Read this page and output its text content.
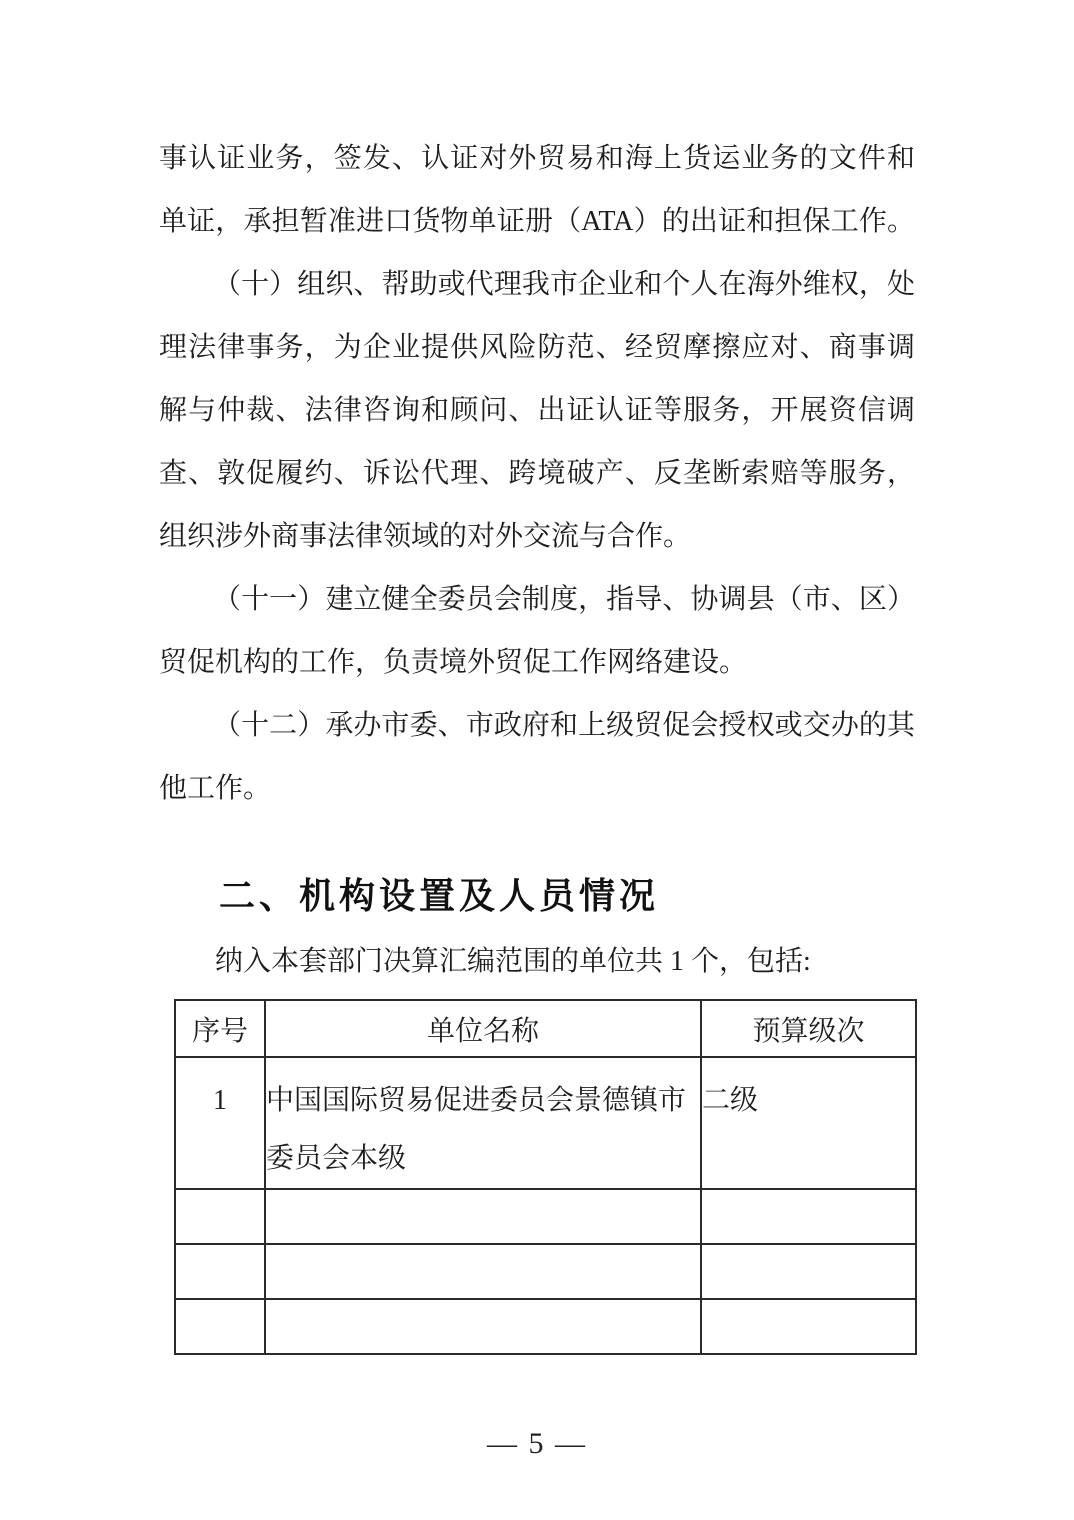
事认证业务，签发、认证对外贸易和海上货运业务的文件和
单证，承担暂准进口货物单证册（ATA）的出证和担保工作。
（十）组织、帮助或代理我市企业和个人在海外维权，处
理法律事务，为企业提供风险防范、经贸摩擦应对、商事调
解与仲裁、法律咨询和顾问、出证认证等服务，开展资信调
查、敦促履约、诉讼代理、跨境破产、反垄断索赔等服务，
组织涉外商事法律领域的对外交流与合作。
（十一）建立健全委员会制度，指导、协调县（市、区）
贸促机构的工作，负责境外贸促工作网络建设。
（十二）承办市委、市政府和上级贸促会授权或交办的其
他工作。
二、机构设置及人员情况
纳入本套部门决算汇编范围的单位共 1 个，包括:
序号	单位名称	预算级次
1	中国国际贸易促进委员会景德镇市委员会本级	二级

— 5 —
